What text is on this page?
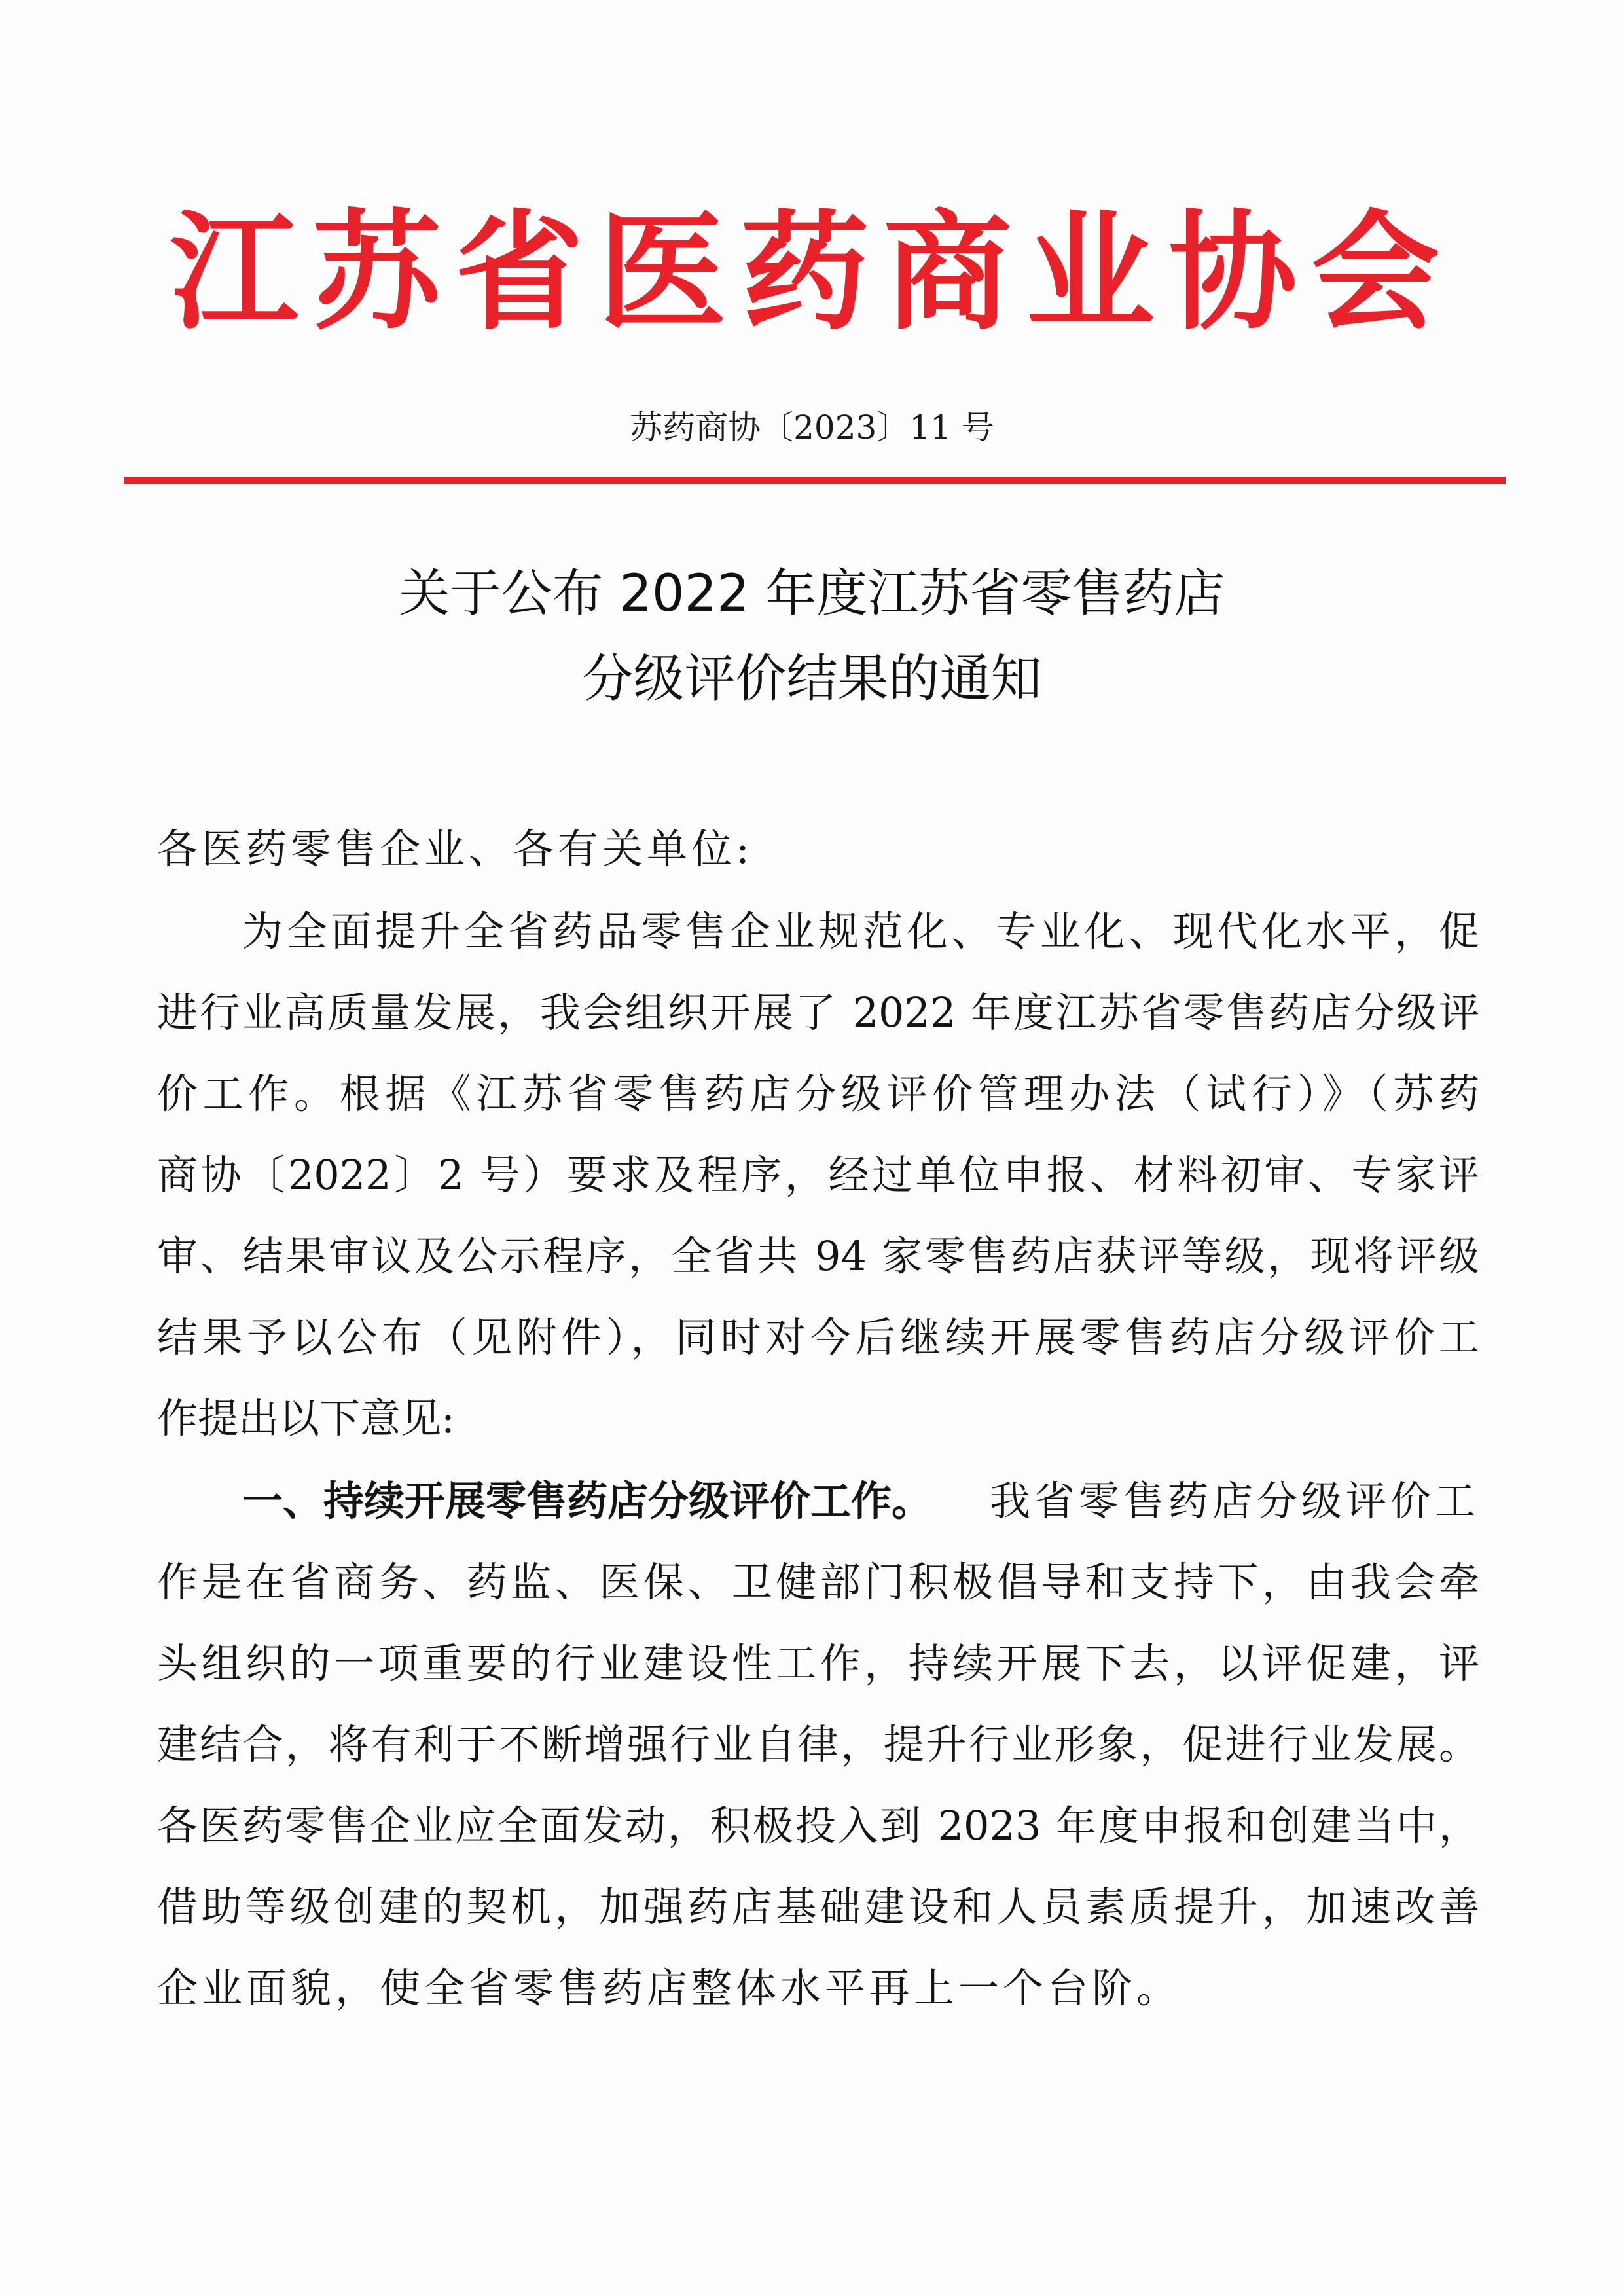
江苏省医药商业协会
苏药商协〔2023〕11 号
关于公布 2022 年度江苏省零售药店
分级评价结果的通知
各医药零售企业、各有关单位:
为全面提升全省药品零售企业规范化、专业化、现代化水平，促
进行业高质量发展，我会组织开展了 2022 年度江苏省零售药店分级评
价工作。根据《江苏省零售药店分级评价管理办法（试行）》（苏药
商协〔2022〕2 号）要求及程序，经过单位申报、材料初审、专家评
审、结果审议及公示程序，全省共 94 家零售药店获评等级，现将评级
结果予以公布（见附件），同时对今后继续开展零售药店分级评价工
作提出以下意见:
一、持续开展零售药店分级评价工作。 我省零售药店分级评价工
作是在省商务、药监、医保、卫健部门积极倡导和支持下，由我会牵
头组织的一项重要的行业建设性工作，持续开展下去，以评促建，评
建结合，将有利于不断增强行业自律，提升行业形象，促进行业发展。
各医药零售企业应全面发动，积极投入到 2023 年度申报和创建当中，
借助等级创建的契机，加强药店基础建设和人员素质提升，加速改善
企业面貌，使全省零售药店整体水平再上一个台阶。
